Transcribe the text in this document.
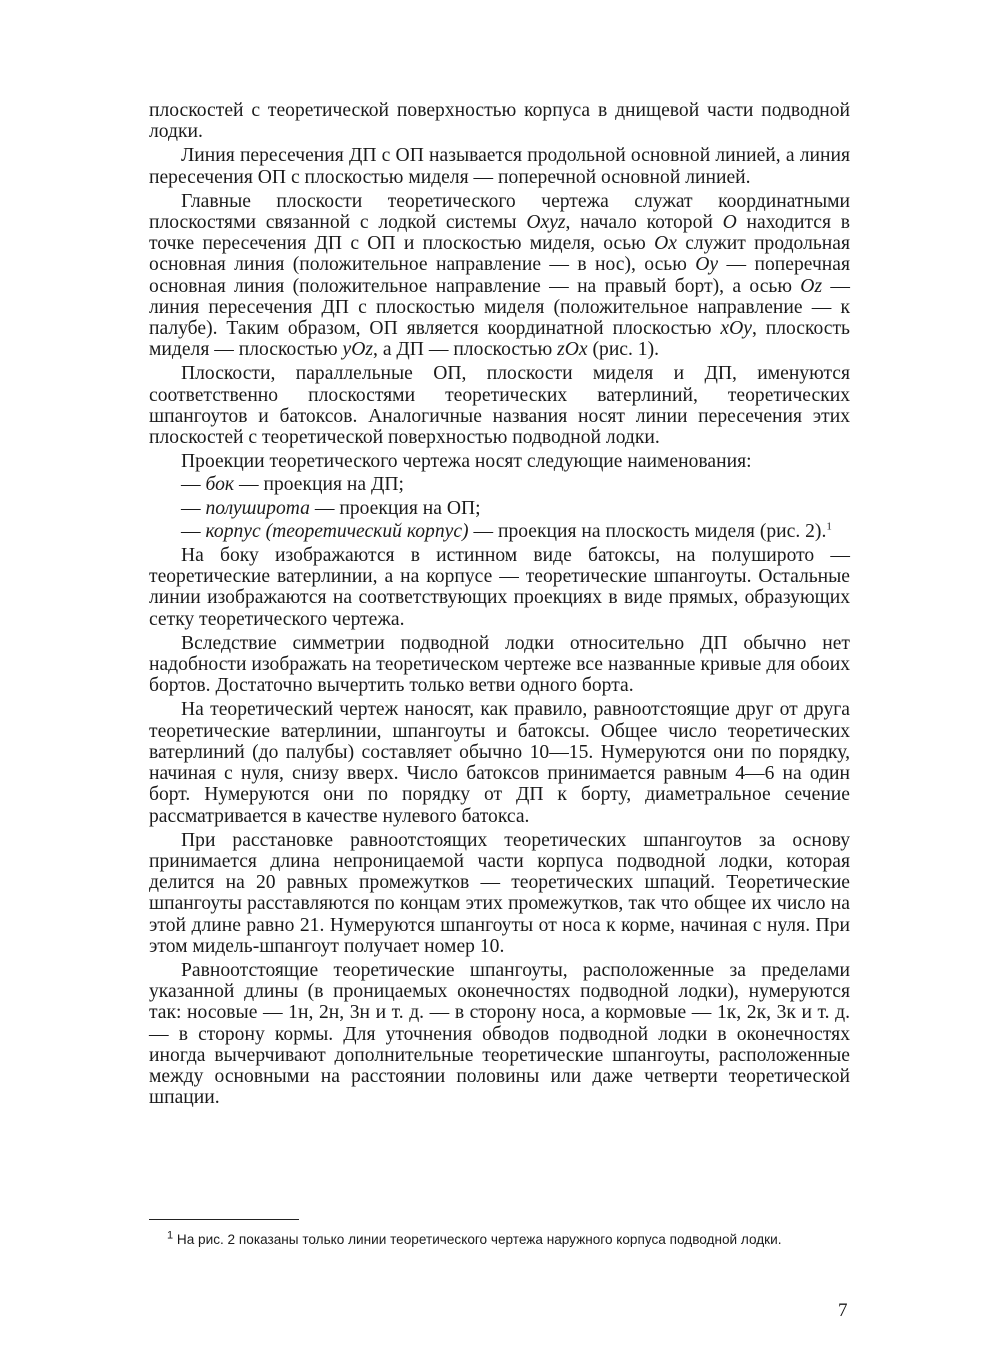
плоскостей с теоретической поверхностью корпуса в днищевой части подводной лодки.

Линия пересечения ДП с ОП называется продольной основной линией, а линия пересечения ОП с плоскостью миделя — поперечной основной линией.

Главные плоскости теоретического чертежа служат координатными плоскостями связанной с лодкой системы Oxyz, начало которой O находится в точке пересечения ДП с ОП и плоскостью миделя, осью Ox служит продольная основная линия (положительное направление — в нос), осью Oy — поперечная основная линия (положительное направление — на правый борт), а осью Oz — линия пересечения ДП с плоскостью миделя (положительное направление — к палубе). Таким образом, ОП является координатной плоскостью xOy, плоскость миделя — плоскостью yOz, а ДП — плоскостью zOx (рис. 1).

Плоскости, параллельные ОП, плоскости миделя и ДП, именуются соответственно плоскостями теоретических ватерлиний, теоретических шпангоутов и батоксов. Аналогичные названия носят линии пересечения этих плоскостей с теоретической поверхностью подводной лодки.

Проекции теоретического чертежа носят следующие наименования:

— бок — проекция на ДП;

— полуширота — проекция на ОП;

— корпус (теоретический корпус) — проекция на плоскость миделя (рис. 2).$^1$

На боку изображаются в истинном виде батоксы, на полуширото — теоретические ватерлинии, а на корпусе — теоретические шпангоуты. Остальные линии изображаются на соответствующих проекциях в виде прямых, образующих сетку теоретического чертежа.

Вследствие симметрии подводной лодки относительно ДП обычно нет надобности изображать на теоретическом чертеже все названные кривые для обоих бортов. Достаточно вычертить только ветви одного борта.

На теоретический чертеж наносят, как правило, равноотстоящие друг от друга теоретические ватерлинии, шпангоуты и батоксы. Общее число теоретических ватерлиний (до палубы) составляет обычно 10—15. Нумеруются они по порядку, начиная с нуля, снизу вверх. Число батоксов принимается равным 4—6 на один борт. Нумеруются они по порядку от ДП к борту, диаметральное сечение рассматривается в качестве нулевого батокса.

При расстановке равноотстоящих теоретических шпангоутов за основу принимается длина непроницаемой части корпуса подводной лодки, которая делится на 20 равных промежутков — теоретических шпаций. Теоретические шпангоуты расставляются по концам этих промежутков, так что общее их число на этой длине равно 21. Нумеруются шпангоуты от носа к корме, начиная с нуля. При этом мидель-шпангоут получает номер 10.

Равноотстоящие теоретические шпангоуты, расположенные за пределами указанной длины (в проницаемых оконечностях подводной лодки), нумеруются так: носовые — 1н, 2н, 3н и т. д. — в сторону носа, а кормовые — 1к, 2к, 3к и т. д. — в сторону кормы. Для уточнения обводов подводной лодки в оконечностях иногда вычерчивают дополнительные теоретические шпангоуты, расположенные между основными на расстоянии половины или даже четверти теоретической шпации.

$^1$ На рис. 2 показаны только линии теоретического чертежа наружного корпуса подводной лодки.
7
